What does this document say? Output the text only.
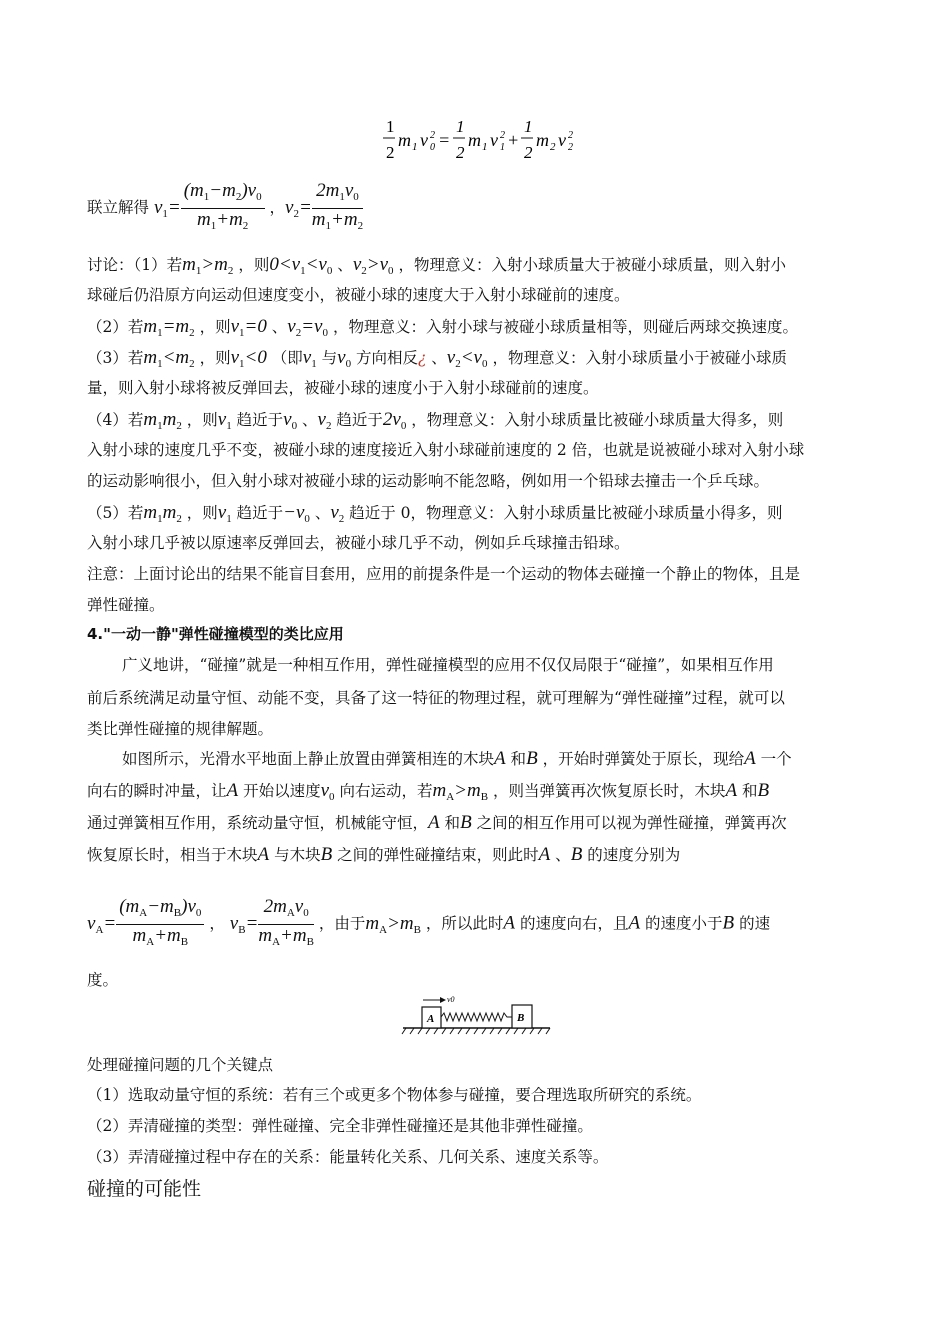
1
2
m 1 v 2
0 =
1
2
m 1 v 2
1 +
1
2
m 2 v 2
2
联立解得 $v_1= \frac{(m_1-m_2)v_0}{m_1+m_2}$ ，$v_2= \frac{2m_1v_0}{m_1+m_2}$
讨论：（1）若$m_1>m_2$ ，则$0<v_1<v_0$ 、$v_2>v_0$ ，物理意义：入射小球质量大于被碰小球质量，则入射小
球碰后仍沿原方向运动但速度变小，被碰小球的速度大于入射小球碰前的速度。
（2）若$m_1=m_2$ ，则$v_1=0$ 、$v_2=v_0$ ，物理意义：入射小球与被碰小球质量相等，则碰后两球交换速度。
（3）若$m_1<m_2$ ，则$v_1<0$ （即$v_1$ 与$v_0$ 方向相反¿ 、$v_2<v_0$ ，物理意义：入射小球质量小于被碰小球质
量，则入射小球将被反弹回去，被碰小球的速度小于入射小球碰前的速度。
（4）若$m_1m_2$ ，则$v_1$ 趋近于$v_0$ 、$v_2$ 趋近于$2v_0$ ，物理意义：入射小球质量比被碰小球质量大得多，则
入射小球的速度几乎不变，被碰小球的速度接近入射小球碰前速度的 2 倍，也就是说被碰小球对入射小球
的运动影响很小，但入射小球对被碰小球的运动影响不能忽略，例如用一个铅球去撞击一个乒乓球。
（5）若$m_1m_2$ ，则$v_1$ 趋近于$-v_0$ 、$v_2$ 趋近于 0，物理意义：入射小球质量比被碰小球质量小得多，则
入射小球几乎被以原速率反弹回去，被碰小球几乎不动，例如乒乓球撞击铅球。
注意：上面讨论出的结果不能盲目套用，应用的前提条件是一个运动的物体去碰撞一个静止的物体，且是
弹性碰撞。
4."一动一静"弹性碰撞模型的类比应用
广义地讲，“碰撞”就是一种相互作用，弹性碰撞模型的应用不仅仅局限于“碰撞”，如果相互作用
前后系统满足动量守恒、动能不变，具备了这一特征的物理过程，就可理解为“弹性碰撞”过程，就可以
类比弹性碰撞的规律解题。
如图所示，光滑水平地面上静止放置由弹簧相连的木块A 和B ，开始时弹簧处于原长，现给A 一个
向右的瞬时冲量，让A 开始以速度$v_0$ 向右运动，若$m_A>m_B$ ，则当弹簧再次恢复原长时，木块A 和B
通过弹簧相互作用，系统动量守恒，机械能守恒，A 和B 之间的相互作用可以视为弹性碰撞，弹簧再次
恢复原长时，相当于木块A 与木块B 之间的弹性碰撞结束，则此时A 、B 的速度分别为
$v_A= \frac{(m_A-m_B)v_0}{m_A+m_B}$ ， $v_B= \frac{2m_Av_0}{m_A+m_B}$ ，由于$m_A>m_B$ ，所以此时A 的速度向右，且A 的速度小于B 的速
度。
A	B
v0
处理碰撞问题的几个关键点
（1）选取动量守恒的系统：若有三个或更多个物体参与碰撞，要合理选取所研究的系统。
（2）弄清碰撞的类型：弹性碰撞、完全非弹性碰撞还是其他非弹性碰撞。
（3）弄清碰撞过程中存在的关系：能量转化关系、几何关系、速度关系等。
碰撞的可能性
